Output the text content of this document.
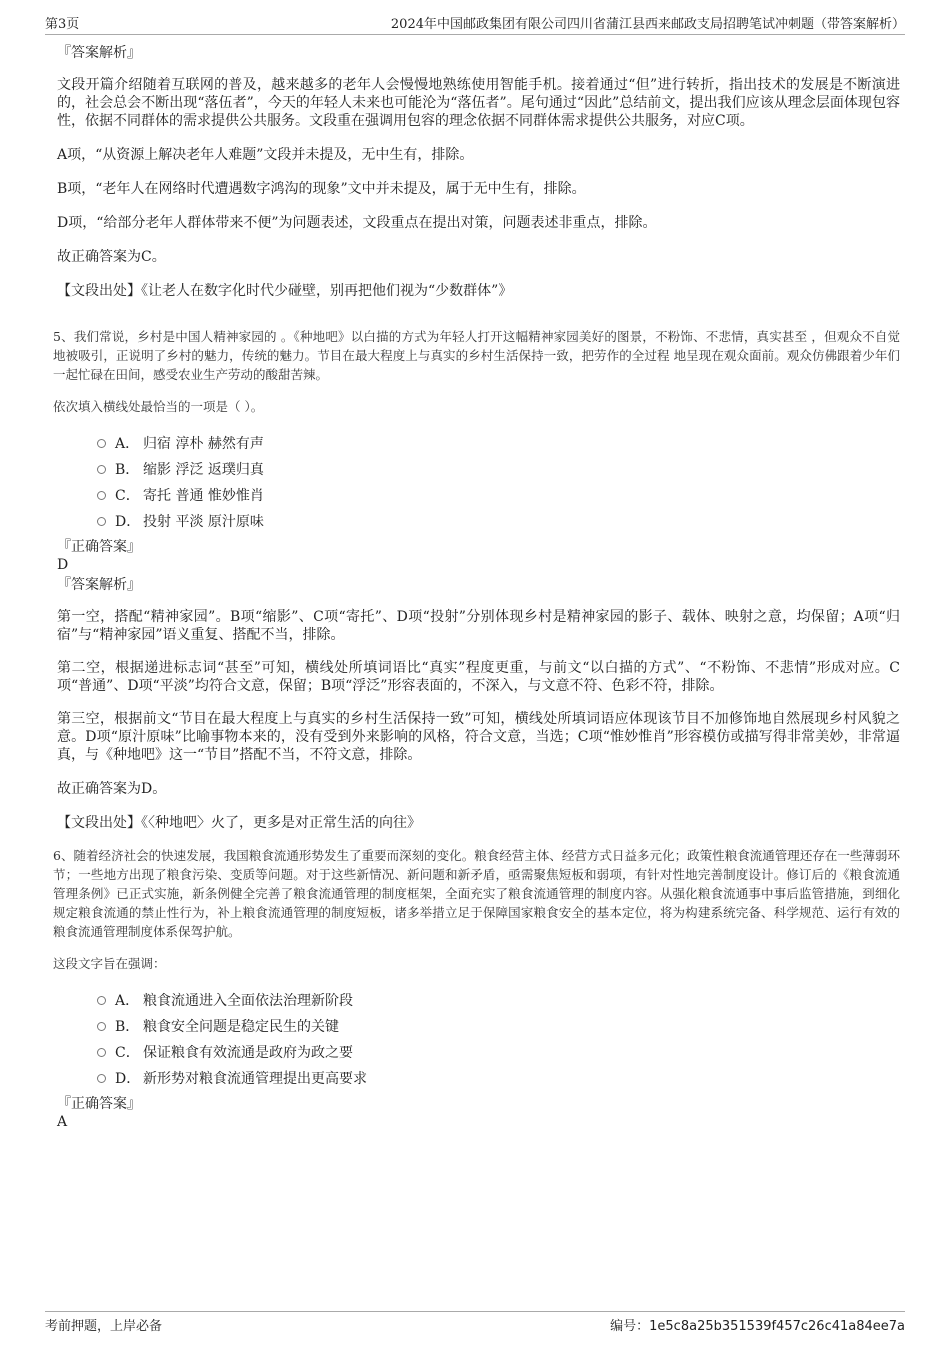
第3页	2024年中国邮政集团有限公司四川省蒲江县西来邮政支局招聘笔试冲刺题（带答案解析）

『答案解析』

文段开篇介绍随着互联网的普及，越来越多的老年人会慢慢地熟练使用智能手机。接着通过“但”进行转折，指出技术的发展是不断演进的，社会总会不断出现“落伍者”，今天的年轻人未来也可能沦为“落伍者”。尾句通过“因此”总结前文，提出我们应该从理念层面体现包容性，依据不同群体的需求提供公共服务。文段重在强调用包容的理念依据不同群体需求提供公共服务，对应C项。

A项，“从资源上解决老年人难题”文段并未提及，无中生有，排除。

B项，“老年人在网络时代遭遇数字鸿沟的现象”文中并未提及，属于无中生有，排除。

D项，“给部分老年人群体带来不便”为问题表述，文段重点在提出对策，问题表述非重点，排除。

故正确答案为C。

【文段出处】《让老人在数字化时代少碰壁，别再把他们视为“少数群体”》

5、我们常说，乡村是中国人精神家园的 。《种地吧》以白描的方式为年轻人打开这幅精神家园美好的图景，不粉饰、不悲情，真实甚至 ，但观众不自觉地被吸引，正说明了乡村的魅力，传统的魅力。节目在最大程度上与真实的乡村生活保持一致，把劳作的全过程 地呈现在观众面前。观众仿佛跟着少年们一起忙碌在田间，感受农业生产劳动的酸甜苦辣。

依次填入横线处最恰当的一项是（ ）。

A． 归宿 淳朴 赫然有声
B． 缩影 浮泛 返璞归真
C． 寄托 普通 惟妙惟肖
D． 投射 平淡 原汁原味

『正确答案』

D

『答案解析』

第一空，搭配“精神家园”。B项“缩影”、C项“寄托”、D项“投射”分别体现乡村是精神家园的影子、载体、映射之意，均保留；A项“归宿”与“精神家园”语义重复、搭配不当，排除。

第二空，根据递进标志词“甚至”可知，横线处所填词语比“真实”程度更重，与前文“以白描的方式”、“不粉饰、不悲情”形成对应。C项“普通”、D项“平淡”均符合文意，保留；B项“浮泛”形容表面的，不深入，与文意不符、色彩不符，排除。

第三空，根据前文“节目在最大程度上与真实的乡村生活保持一致”可知，横线处所填词语应体现该节目不加修饰地自然展现乡村风貌之意。D项“原汁原味”比喻事物本来的，没有受到外来影响的风格，符合文意，当选；C项“惟妙惟肖”形容模仿或描写得非常美妙，非常逼真，与《种地吧》这一“节目”搭配不当，不符文意，排除。

故正确答案为D。

【文段出处】《〈种地吧〉火了，更多是对正常生活的向往》

6、随着经济社会的快速发展，我国粮食流通形势发生了重要而深刻的变化。粮食经营主体、经营方式日益多元化；政策性粮食流通管理还存在一些薄弱环节；一些地方出现了粮食污染、变质等问题。对于这些新情况、新问题和新矛盾，亟需聚焦短板和弱项，有针对性地完善制度设计。修订后的《粮食流通管理条例》已正式实施，新条例健全完善了粮食流通管理的制度框架，全面充实了粮食流通管理的制度内容。从强化粮食流通事中事后监管措施，到细化规定粮食流通的禁止性行为，补上粮食流通管理的制度短板，诸多举措立足于保障国家粮食安全的基本定位，将为构建系统完备、科学规范、运行有效的粮食流通管理制度体系保驾护航。

这段文字旨在强调：

A． 粮食流通进入全面依法治理新阶段
B． 粮食安全问题是稳定民生的关键
C． 保证粮食有效流通是政府为政之要
D． 新形势对粮食流通管理提出更高要求

『正确答案』

A

考前押题，上岸必备	编号：1e5c8a25b351539f457c26c41a84ee7a
